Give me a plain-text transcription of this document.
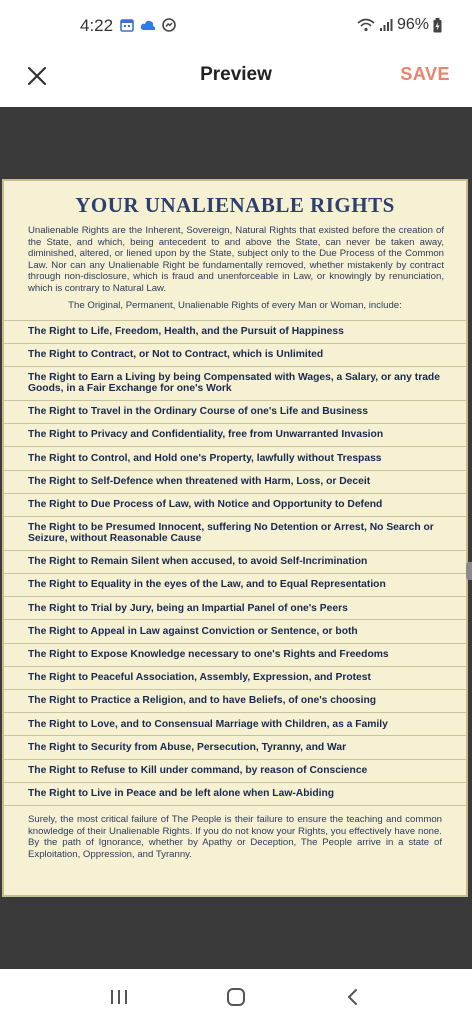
4:22	96%
Preview	SAVE
YOUR UNALIENABLE RIGHTS
Unalienable Rights are the Inherent, Sovereign, Natural Rights that existed before the creation of the State, and which, being antecedent to and above the State, can never be taken away, diminished, altered, or liened upon by the State, subject only to the Due Process of the Common Law. Nor can any Unalienable Right be fundamentally removed, whether mistakenly by contract through non-disclosure, which is fraud and unenforceable in Law, or knowingly by renunciation, which is contrary to Natural Law.
The Original, Permanent, Unalienable Rights of every Man or Woman, include:
The Right to Life, Freedom, Health, and the Pursuit of Happiness
The Right to Contract, or Not to Contract, which is Unlimited
The Right to Earn a Living by being Compensated with Wages, a Salary, or any trade Goods, in a Fair Exchange for one's Work
The Right to Travel in the Ordinary Course of one's Life and Business
The Right to Privacy and Confidentiality, free from Unwarranted Invasion
The Right to Control, and Hold one's Property, lawfully without Trespass
The Right to Self-Defence when threatened with Harm, Loss, or Deceit
The Right to Due Process of Law, with Notice and Opportunity to Defend
The Right to be Presumed Innocent, suffering No Detention or Arrest, No Search or Seizure, without Reasonable Cause
The Right to Remain Silent when accused, to avoid Self-Incrimination
The Right to Equality in the eyes of the Law, and to Equal Representation
The Right to Trial by Jury, being an Impartial Panel of one's Peers
The Right to Appeal in Law against Conviction or Sentence, or both
The Right to Expose Knowledge necessary to one's Rights and Freedoms
The Right to Peaceful Association, Assembly, Expression, and Protest
The Right to Practice a Religion, and to have Beliefs, of one's choosing
The Right to Love, and to Consensual Marriage with Children, as a Family
The Right to Security from Abuse, Persecution, Tyranny, and War
The Right to Refuse to Kill under command, by reason of Conscience
The Right to Live in Peace and be left alone when Law-Abiding
Surely, the most critical failure of The People is their failure to ensure the teaching and common knowledge of their Unalienable Rights. If you do not know your Rights, you effectively have none. By the path of Ignorance, whether by Apathy or Deception, The People arrive in a state of Exploitation, Oppression, and Tyranny.
